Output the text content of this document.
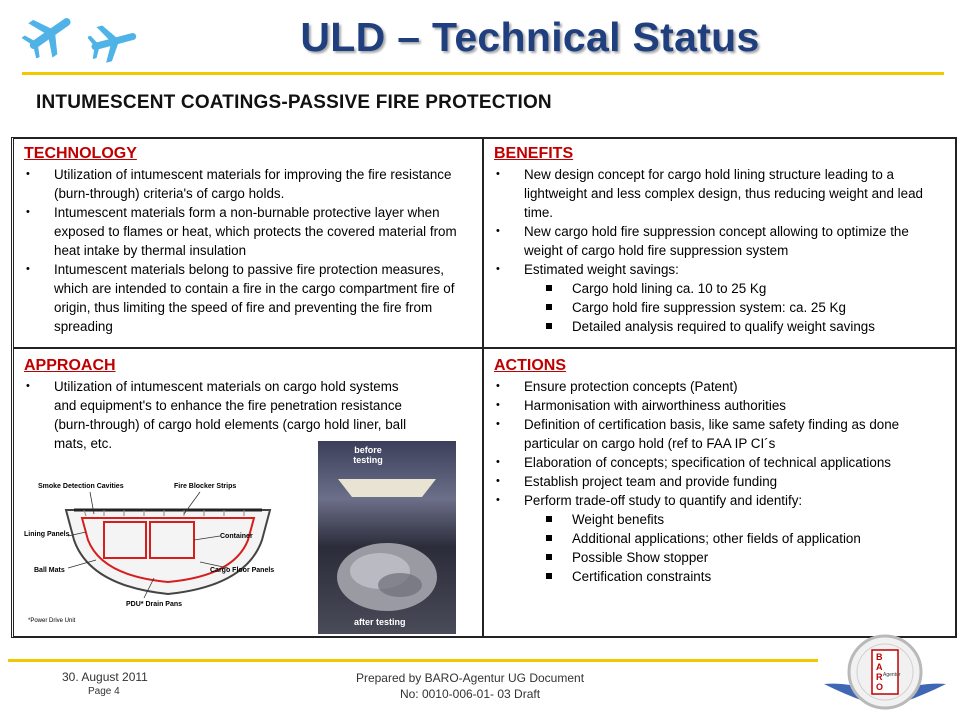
ULD – Technical Status
INTUMESCENT COATINGS-PASSIVE FIRE PROTECTION
TECHNOLOGY
• Utilization of intumescent materials for improving the fire resistance (burn-through) criteria's of cargo holds.
• Intumescent materials form a non-burnable protective layer when exposed to flames or heat, which protects the covered material from heat intake by thermal insulation
• Intumescent materials belong to passive fire protection measures, which are intended to contain a fire in the cargo compartment fire of origin, thus limiting the speed of fire and preventing the fire from spreading
BENEFITS
• New design concept for cargo hold lining structure leading to a lightweight and less complex design, thus reducing weight and lead time.
• New cargo hold fire suppression concept allowing to optimize the weight of cargo hold fire suppression system
• Estimated weight savings:
Cargo hold lining ca. 10 to 25 Kg
Cargo hold fire suppression system: ca. 25 Kg
Detailed analysis required to qualify weight savings
APPROACH
• Utilization of intumescent materials on cargo hold systems and equipment's to enhance the fire penetration resistance (burn-through) of cargo hold elements (cargo hold liner, ball mats, etc.
Smoke Detection Cavities	Fire Blocker Strips
Lining Panels	Container
Ball Mats	Cargo Floor Panels
PDU* Drain Pans
*Power Drive Unit
before testing
after testing
ACTIONS
• Ensure protection concepts (Patent)
• Harmonisation with airworthiness authorities
• Definition of certification basis, like same safety finding as done particular on cargo hold (ref to FAA IP CI´s
• Elaboration of concepts; specification of technical applications
• Establish project team and provide funding
• Perform trade-off study to quantify and identify:
Weight benefits
Additional applications; other fields of application
Possible Show stopper
Certification constraints
30. August 2011
Page 4
Prepared by BARO-Agentur UG Document
No: 0010-006-01- 03 Draft
B
A
R
O
Agentur
